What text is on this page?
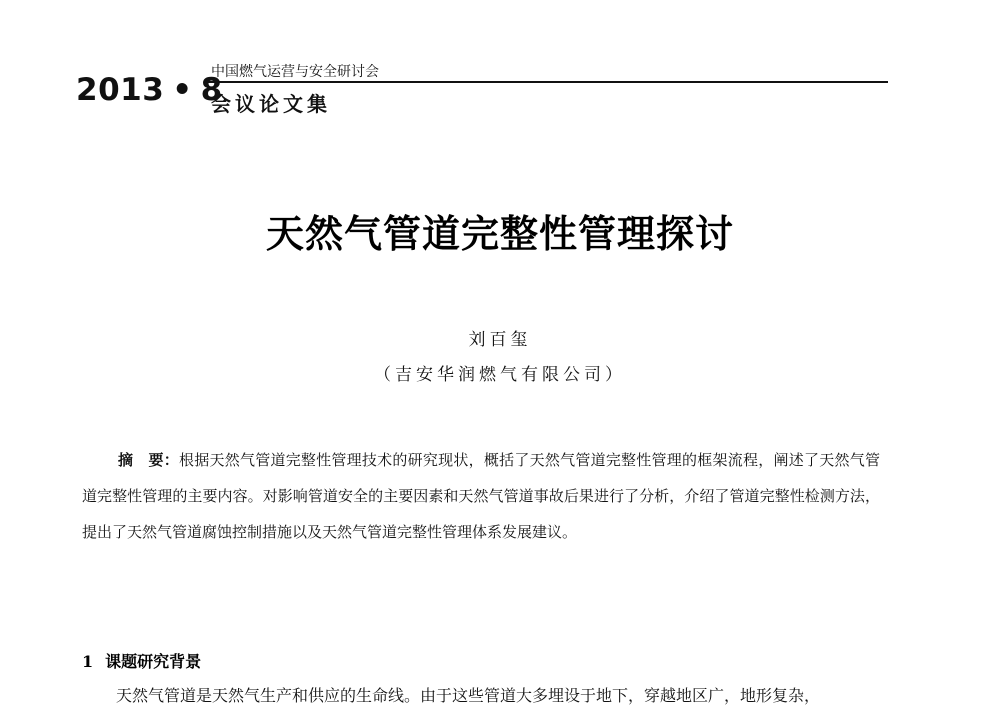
2013 • 8
中国燃气运营与安全研讨会
会议论文集
天然气管道完整性管理探讨
刘百玺
（吉安华润燃气有限公司）
摘 要：根据天然气管道完整性管理技术的研究现状，概括了天然气管道完整性管理的框架流程，阐述了天然气管道完整性管理的主要内容。对影响管道安全的主要因素和天然气管道事故后果进行了分析，介绍了管道完整性检测方法，提出了天然气管道腐蚀控制措施以及天然气管道完整性管理体系发展建议。
1 课题研究背景
天然气管道是天然气生产和供应的生命线。由于这些管道大多埋设于地下，穿越地区广，地形复杂，
